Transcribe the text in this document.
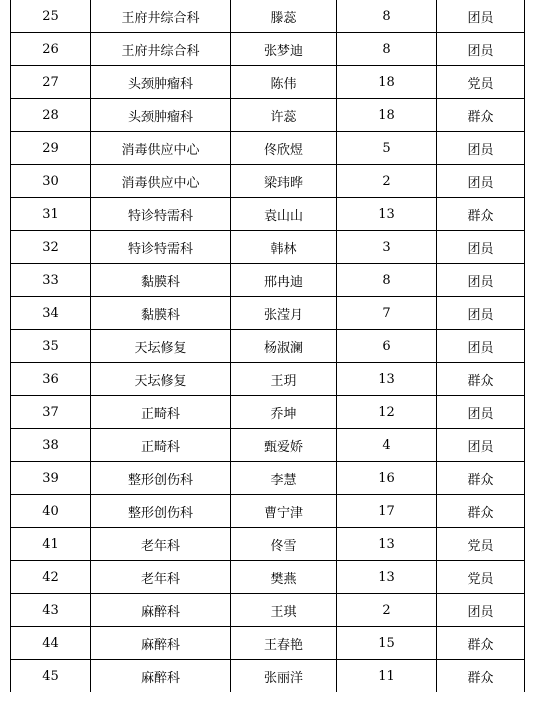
25	王府井综合科	滕蕊	8	团员
26	王府井综合科	张梦迪	8	团员
27	头颈肿瘤科	陈伟	18	党员
28	头颈肿瘤科	许蕊	18	群众
29	消毒供应中心	佟欣煜	5	团员
30	消毒供应中心	梁玮晔	2	团员
31	特诊特需科	袁山山	13	群众
32	特诊特需科	韩林	3	团员
33	黏膜科	邢冉迪	8	团员
34	黏膜科	张滢月	7	团员
35	天坛修复	杨淑澜	6	团员
36	天坛修复	王玥	13	群众
37	正畸科	乔坤	12	团员
38	正畸科	甄爱娇	4	团员
39	整形创伤科	李慧	16	群众
40	整形创伤科	曹宁津	17	群众
41	老年科	佟雪	13	党员
42	老年科	樊燕	13	党员
43	麻醉科	王琪	2	团员
44	麻醉科	王春艳	15	群众
45	麻醉科	张丽洋	11	群众
